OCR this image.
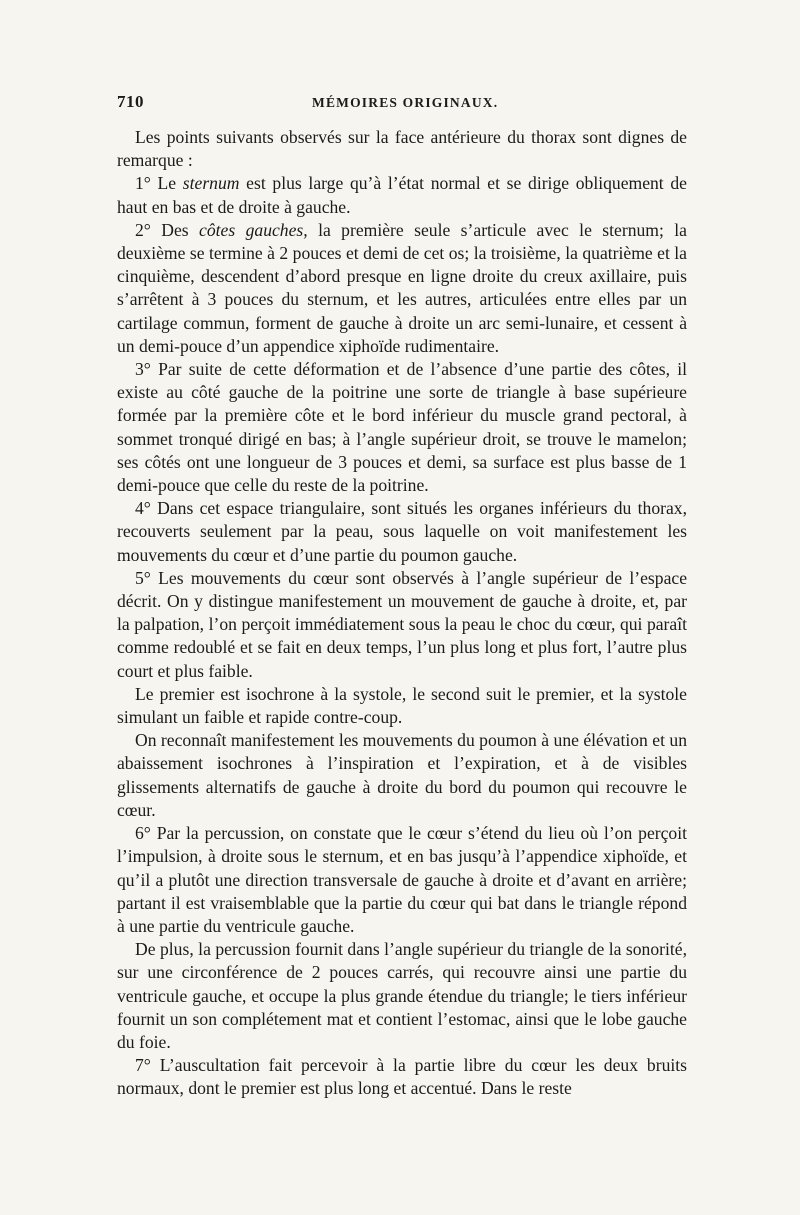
710	MÉMOIRES ORIGINAUX.

Les points suivants observés sur la face antérieure du thorax sont dignes de remarque :

1° Le sternum est plus large qu’à l’état normal et se dirige obliquement de haut en bas et de droite à gauche.

2° Des côtes gauches, la première seule s’articule avec le sternum; la deuxième se termine à 2 pouces et demi de cet os; la troisième, la quatrième et la cinquième, descendent d’abord presque en ligne droite du creux axillaire, puis s’arrêtent à 3 pouces du sternum, et les autres, articulées entre elles par un cartilage commun, forment de gauche à droite un arc semi-lunaire, et cessent à un demi-pouce d’un appendice xiphoïde rudimentaire.

3° Par suite de cette déformation et de l’absence d’une partie des côtes, il existe au côté gauche de la poitrine une sorte de triangle à base supérieure formée par la première côte et le bord inférieur du muscle grand pectoral, à sommet tronqué dirigé en bas; à l’angle supérieur droit, se trouve le mamelon; ses côtés ont une longueur de 3 pouces et demi, sa surface est plus basse de 1 demi-pouce que celle du reste de la poitrine.

4° Dans cet espace triangulaire, sont situés les organes inférieurs du thorax, recouverts seulement par la peau, sous laquelle on voit manifestement les mouvements du cœur et d’une partie du poumon gauche.

5° Les mouvements du cœur sont observés à l’angle supérieur de l’espace décrit. On y distingue manifestement un mouvement de gauche à droite, et, par la palpation, l’on perçoit immédiatement sous la peau le choc du cœur, qui paraît comme redoublé et se fait en deux temps, l’un plus long et plus fort, l’autre plus court et plus faible.

Le premier est isochrone à la systole, le second suit le premier, et la systole simulant un faible et rapide contre-coup.

On reconnaît manifestement les mouvements du poumon à une élévation et un abaissement isochrones à l’inspiration et l’expiration, et à de visibles glissements alternatifs de gauche à droite du bord du poumon qui recouvre le cœur.

6° Par la percussion, on constate que le cœur s’étend du lieu où l’on perçoit l’impulsion, à droite sous le sternum, et en bas jusqu’à l’appendice xiphoïde, et qu’il a plutôt une direction transversale de gauche à droite et d’avant en arrière; partant il est vraisemblable que la partie du cœur qui bat dans le triangle répond à une partie du ventricule gauche.

De plus, la percussion fournit dans l’angle supérieur du triangle de la sonorité, sur une circonférence de 2 pouces carrés, qui recouvre ainsi une partie du ventricule gauche, et occupe la plus grande étendue du triangle; le tiers inférieur fournit un son complétement mat et contient l’estomac, ainsi que le lobe gauche du foie.

7° L’auscultation fait percevoir à la partie libre du cœur les deux bruits normaux, dont le premier est plus long et accentué. Dans le reste
